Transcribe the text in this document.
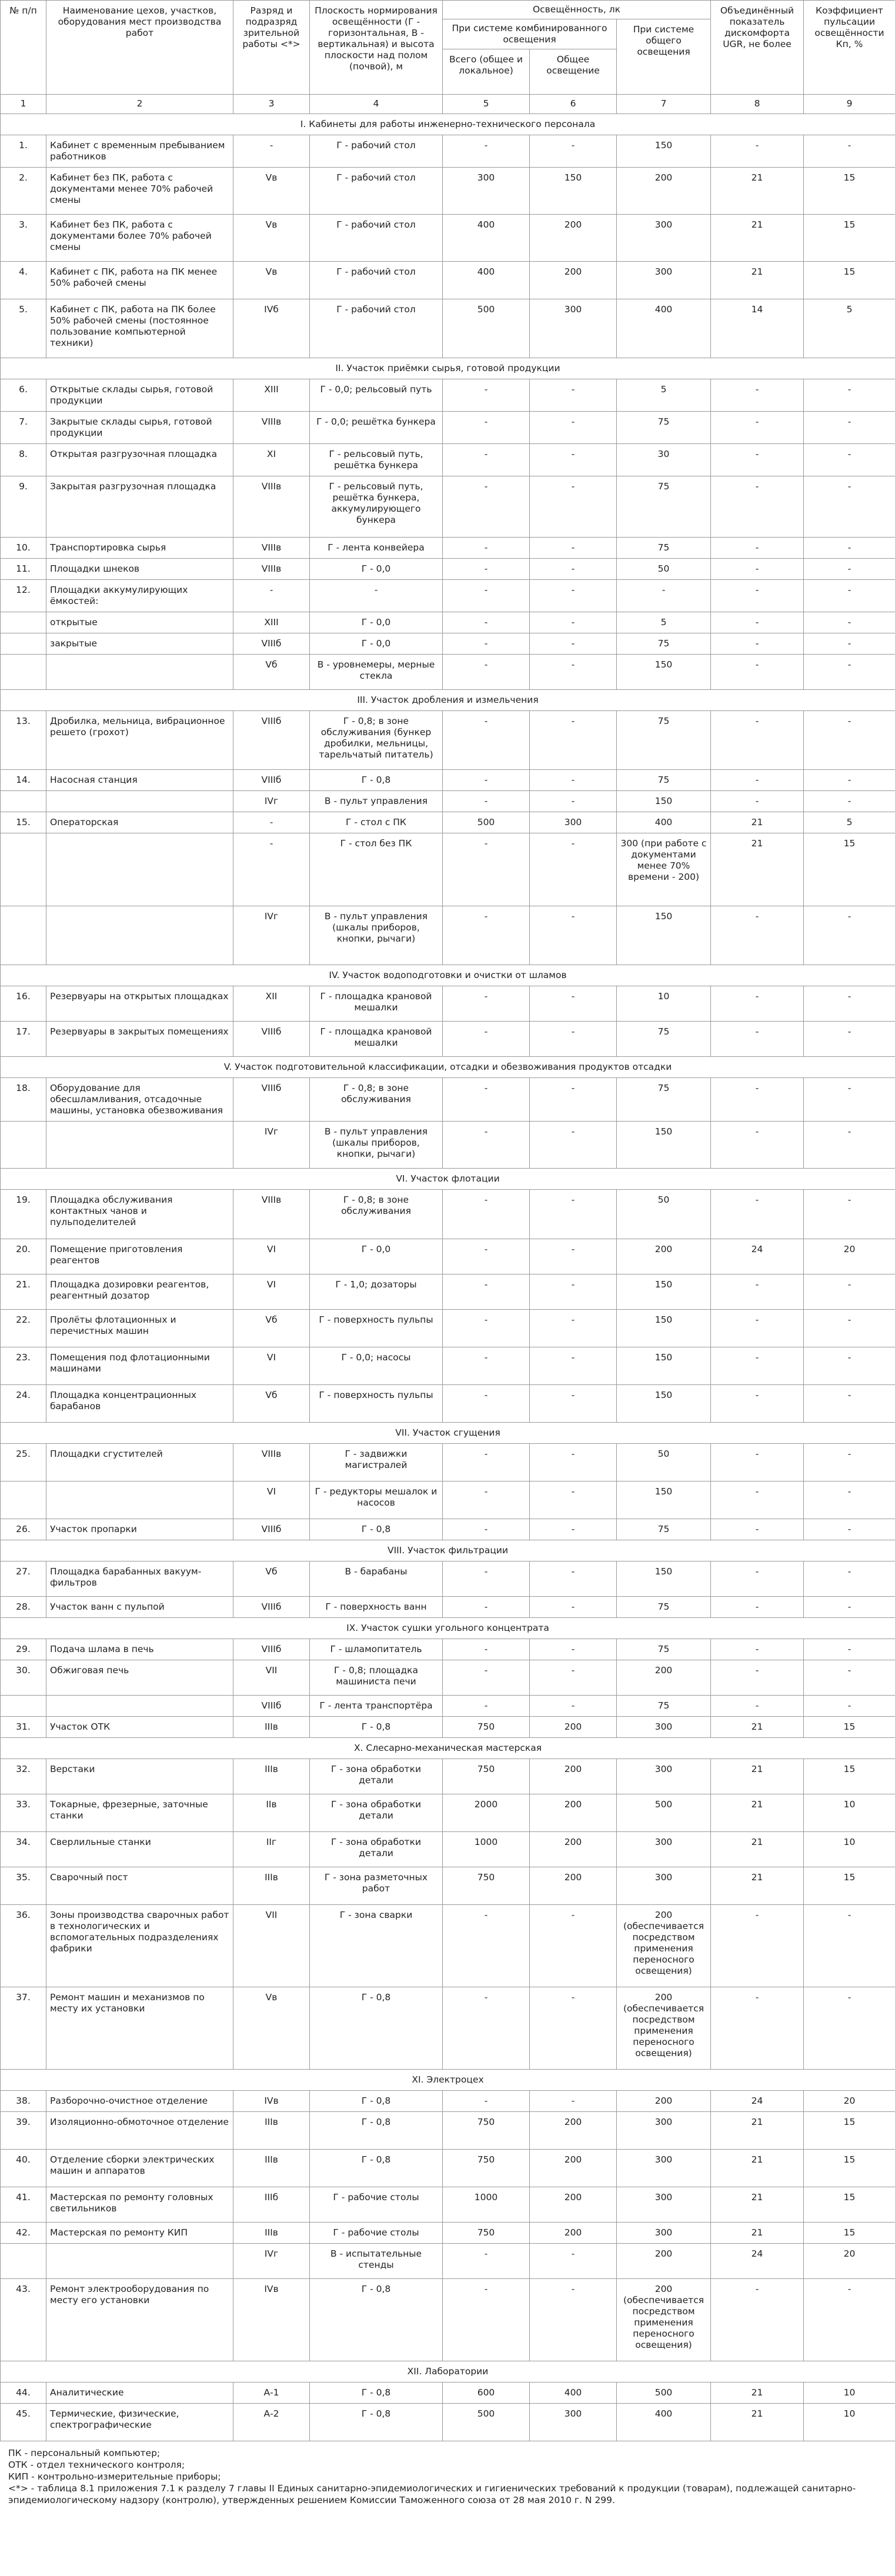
№ п/п	Наименование цехов, участков, оборудования мест производства работ	Разряд и подразряд зрительной работы <*>	Плоскость нормирования освещённости (Г - горизонтальная, В - вертикальная) и высота плоскости над полом (почвой), м	Освещённость, лк			Объединённый показатель дискомфорта UGR, не более	Коэффициент пульсации освещённости Кп, %
				При системе комбинированного освещения		При системе общего освещения		
				Всего (общее и локальное)	Общее освещение			
1	2	3	4	5	6	7	8	9
I. Кабинеты для работы инженерно-технического персонала								
1.	Кабинет с временным пребыванием работников	-	Г - рабочий стол	-	-	150	-	-
2.	Кабинет без ПК, работа с документами менее 70% рабочей смены	Vв	Г - рабочий стол	300	150	200	21	15
3.	Кабинет без ПК, работа с документами более 70% рабочей смены	Vв	Г - рабочий стол	400	200	300	21	15
4.	Кабинет с ПК, работа на ПК менее 50% рабочей смены	Vв	Г - рабочий стол	400	200	300	21	15
5.	Кабинет с ПК, работа на ПК более 50% рабочей смены (постоянное пользование компьютерной техники)	IVб	Г - рабочий стол	500	300	400	14	5
II. Участок приёмки сырья, готовой продукции								
6.	Открытые склады сырья, готовой продукции	XIII	Г - 0,0; рельсовый путь	-	-	5	-	-
7.	Закрытые склады сырья, готовой продукции	VIIIв	Г - 0,0; решётка бункера	-	-	75	-	-
8.	Открытая разгрузочная площадка	XI	Г - рельсовый путь, решётка бункера	-	-	30	-	-
9.	Закрытая разгрузочная площадка	VIIIв	Г - рельсовый путь, решётка бункера, аккумулирующего бункера	-	-	75	-	-
10.	Транспортировка сырья	VIIIв	Г - лента конвейера	-	-	75	-	-
11.	Площадки шнеков	VIIIв	Г - 0,0	-	-	50	-	-
12.	Площадки аккумулирующих ёмкостей:	-	-	-	-	-	-	-
	открытые	XIII	Г - 0,0	-	-	5	-	-
	закрытые	VIIIб	Г - 0,0	-	-	75	-	-
		Vб	В - уровнемеры, мерные стекла	-	-	150	-	-
III. Участок дробления и измельчения								
13.	Дробилка, мельница, вибрационное решето (грохот)	VIIIб	Г - 0,8; в зоне обслуживания (бункер дробилки, мельницы, тарельчатый питатель)	-	-	75	-	-
14.	Насосная станция	VIIIб	Г - 0,8	-	-	75	-	-
		IVг	В - пульт управления	-	-	150	-	-
15.	Операторская	-	Г - стол с ПК	500	300	400	21	5
		-	Г - стол без ПК	-	-	300 (при работе с документами менее 70% времени - 200)	21	15
		IVг	В - пульт управления (шкалы приборов, кнопки, рычаги)	-	-	150	-	-
IV. Участок водоподготовки и очистки от шламов								
16.	Резервуары на открытых площадках	XII	Г - площадка крановой мешалки	-	-	10	-	-
17.	Резервуары в закрытых помещениях	VIIIб	Г - площадка крановой мешалки	-	-	75	-	-
V. Участок подготовительной классификации, отсадки и обезвоживания продуктов отсадки								
18.	Оборудование для обесшламливания, отсадочные машины, установка обезвоживания	VIIIб	Г - 0,8; в зоне обслуживания	-	-	75	-	-
		IVг	В - пульт управления (шкалы приборов, кнопки, рычаги)	-	-	150	-	-
VI. Участок флотации								
19.	Площадка обслуживания контактных чанов и пульподелителей	VIIIв	Г - 0,8; в зоне обслуживания	-	-	50	-	-
20.	Помещение приготовления реагентов	VI	Г - 0,0	-	-	200	24	20
21.	Площадка дозировки реагентов, реагентный дозатор	VI	Г - 1,0; дозаторы	-	-	150	-	-
22.	Пролёты флотационных и перечистных машин	Vб	Г - поверхность пульпы	-	-	150	-	-
23.	Помещения под флотационными машинами	VI	Г - 0,0; насосы	-	-	150	-	-
24.	Площадка концентрационных барабанов	Vб	Г - поверхность пульпы	-	-	150	-	-
VII. Участок сгущения								
25.	Площадки сгустителей	VIIIв	Г - задвижки магистралей	-	-	50	-	-
		VI	Г - редукторы мешалок и насосов	-	-	150	-	-
26.	Участок пропарки	VIIIб	Г - 0,8	-	-	75	-	-
VIII. Участок фильтрации								
27.	Площадка барабанных вакуум-фильтров	Vб	В - барабаны	-	-	150	-	-
28.	Участок ванн с пульпой	VIIIб	Г - поверхность ванн	-	-	75	-	-
IX. Участок сушки угольного концентрата								
29.	Подача шлама в печь	VIIIб	Г - шламопитатель	-	-	75	-	-
30.	Обжиговая печь	VII	Г - 0,8; площадка машиниста печи	-	-	200	-	-
		VIIIб	Г - лента транспортёра	-	-	75	-	-
31.	Участок ОТК	IIIв	Г - 0,8	750	200	300	21	15
X. Слесарно-механическая мастерская								
32.	Верстаки	IIIв	Г - зона обработки детали	750	200	300	21	15
33.	Токарные, фрезерные, заточные станки	IIв	Г - зона обработки детали	2000	200	500	21	10
34.	Сверлильные станки	IIг	Г - зона обработки детали	1000	200	300	21	10
35.	Сварочный пост	IIIв	Г - зона разметочных работ	750	200	300	21	15
36.	Зоны производства сварочных работ в технологических и вспомогательных подразделениях фабрики	VII	Г - зона сварки	-	-	200 (обеспечивается посредством применения переносного освещения)	-	-
37.	Ремонт машин и механизмов по месту их установки	Vв	Г - 0,8	-	-	200 (обеспечивается посредством применения переносного освещения)	-	-
XI. Электроцех								
38.	Разборочно-очистное отделение	IVв	Г - 0,8	-	-	200	24	20
39.	Изоляционно-обмоточное отделение	IIIв	Г - 0,8	750	200	300	21	15
40.	Отделение сборки электрических машин и аппаратов	IIIв	Г - 0,8	750	200	300	21	15
41.	Мастерская по ремонту головных светильников	IIIб	Г - рабочие столы	1000	200	300	21	15
42.	Мастерская по ремонту КИП	IIIв	Г - рабочие столы	750	200	300	21	15
		IVг	В - испытательные стенды	-	-	200	24	20
43.	Ремонт электрооборудования по месту его установки	IVв	Г - 0,8	-	-	200 (обеспечивается посредством применения переносного освещения)	-	-
XII. Лаборатории								
44.	Аналитические	А-1	Г - 0,8	600	400	500	21	10
45.	Термические, физические, спектрографические	А-2	Г - 0,8	500	300	400	21	10
ПК - персональный компьютер;
ОТК - отдел технического контроля;
КИП - контрольно-измерительные приборы;
<*> - таблица 8.1 приложения 7.1 к разделу 7 главы II Единых санитарно-эпидемиологических и гигиенических требований к продукции (товарам), подлежащей санитарно-эпидемиологическому надзору (контролю), утвержденных решением Комиссии Таможенного союза от 28 мая 2010 г. N 299.
